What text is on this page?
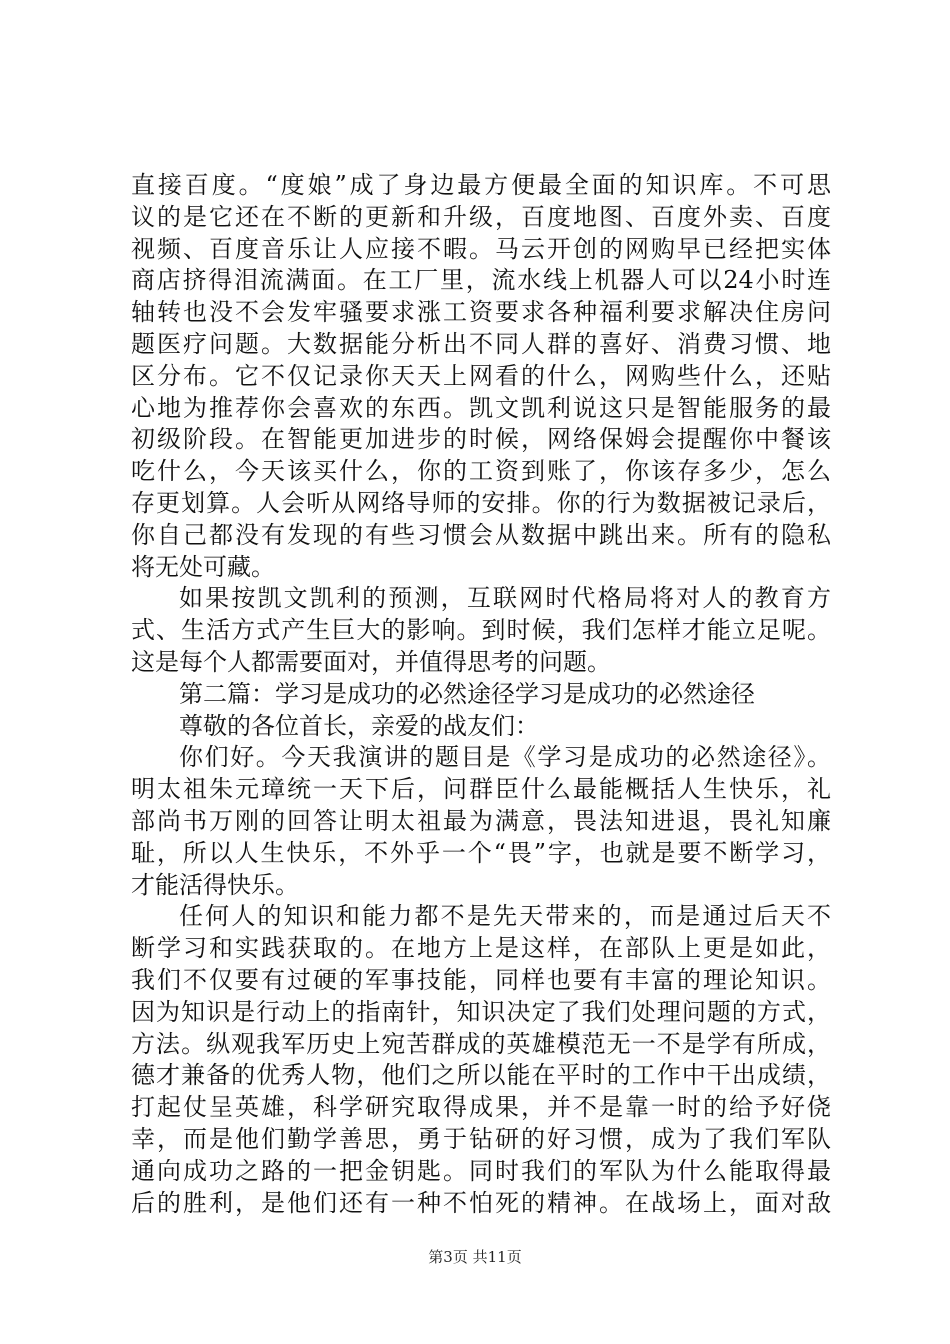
直接百度。“度娘”成了身边最方便最全面的知识库。不可思
议的是它还在不断的更新和升级，百度地图、百度外卖、百度
视频、百度音乐让人应接不暇。马云开创的网购早已经把实体
商店挤得泪流满面。在工厂里，流水线上机器人可以24小时连
轴转也没不会发牢骚要求涨工资要求各种福利要求解决住房问
题医疗问题。大数据能分析出不同人群的喜好、消费习惯、地
区分布。它不仅记录你天天上网看的什么，网购些什么，还贴
心地为推荐你会喜欢的东西。凯文凯利说这只是智能服务的最
初级阶段。在智能更加进步的时候，网络保姆会提醒你中餐该
吃什么，今天该买什么，你的工资到账了，你该存多少，怎么
存更划算。人会听从网络导师的安排。你的行为数据被记录后，
你自己都没有发现的有些习惯会从数据中跳出来。所有的隐私
将无处可藏。
如果按凯文凯利的预测，互联网时代格局将对人的教育方
式、生活方式产生巨大的影响。到时候，我们怎样才能立足呢。
这是每个人都需要面对，并值得思考的问题。
第二篇：学习是成功的必然途径学习是成功的必然途径
尊敬的各位首长，亲爱的战友们：
你们好。今天我演讲的题目是《学习是成功的必然途径》。
明太祖朱元璋统一天下后，问群臣什么最能概括人生快乐，礼
部尚书万刚的回答让明太祖最为满意，畏法知进退，畏礼知廉
耻，所以人生快乐，不外乎一个“畏”字，也就是要不断学习，
才能活得快乐。
任何人的知识和能力都不是先天带来的，而是通过后天不
断学习和实践获取的。在地方上是这样，在部队上更是如此，
我们不仅要有过硬的军事技能，同样也要有丰富的理论知识。
因为知识是行动上的指南针，知识决定了我们处理问题的方式，
方法。纵观我军历史上宛苦群成的英雄模范无一不是学有所成，
德才兼备的优秀人物，他们之所以能在平时的工作中干出成绩，
打起仗呈英雄，科学研究取得成果，并不是靠一时的给予好侥
幸，而是他们勤学善思，勇于钻研的好习惯，成为了我们军队
通向成功之路的一把金钥匙。同时我们的军队为什么能取得最
后的胜利，是他们还有一种不怕死的精神。在战场上，面对敌
第3页 共11页
